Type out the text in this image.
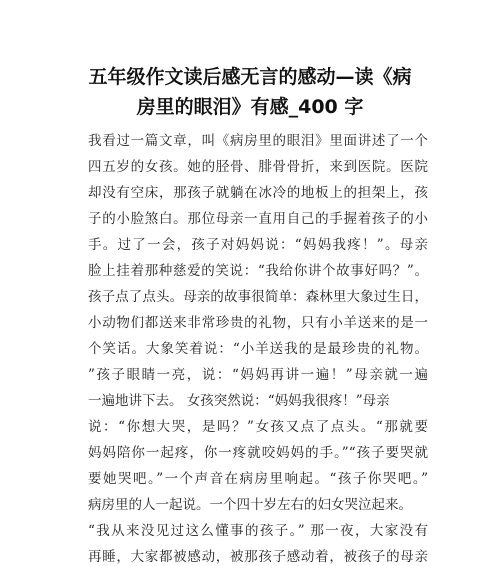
五年级作文读后感无言的感动—读《病
房里的眼泪》有感_400 字
我看过一篇文章，叫《病房里的眼泪》里面讲述了一个
四五岁的女孩。她的胫骨、腓骨骨折，来到医院。医院
却没有空床，那孩子就躺在冰冷的地板上的担架上，孩
子的小脸煞白。那位母亲一直用自己的手握着孩子的小
手。过了一会，孩子对妈妈说：“妈妈我疼！”。母亲
脸上挂着那种慈爱的笑说：“我给你讲个故事好吗？”。
孩子点了点头。母亲的故事很简单：森林里大象过生日，
小动物们都送来非常珍贵的礼物，只有小羊送来的是一
个笑话。大象笑着说：“小羊送我的是最珍贵的礼物。
”孩子眼睛一亮，说：“妈妈再讲一遍！”母亲就一遍
一遍地讲下去。 女孩突然说：“妈妈我很疼！”母亲
说：“你想大哭，是吗？”女孩又点了点头。“那就要
妈妈陪你一起疼，你一疼就咬妈妈的手。”“孩子要哭就
要她哭吧。”一个声音在病房里响起。“孩子你哭吧。”
病房里的人一起说。一个四十岁左右的妇女哭泣起来。
“我从来没见过这么懂事的孩子。” 那一夜，大家没有
再睡，大家都被感动，被那孩子感动着，被孩子的母亲
